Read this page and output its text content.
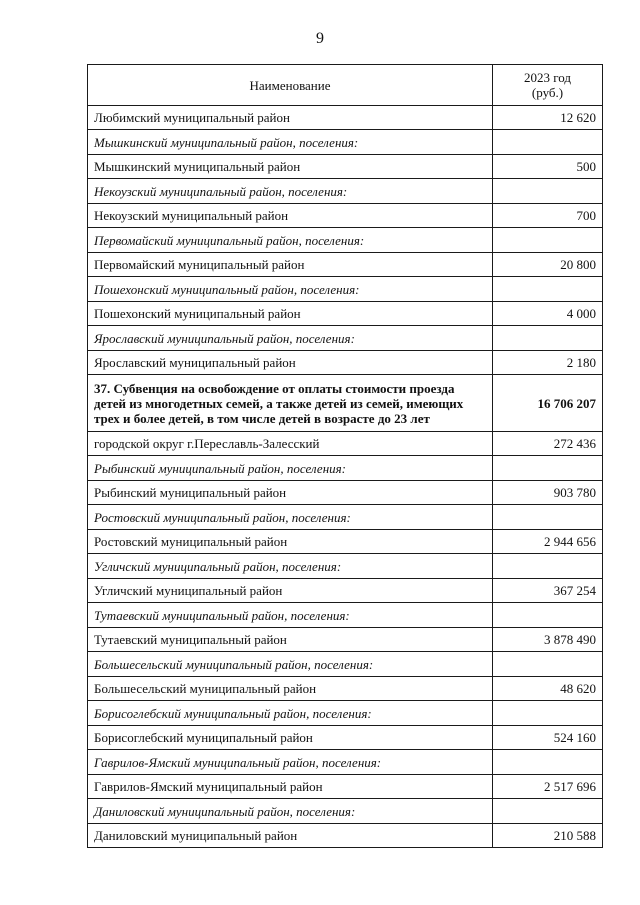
9
Наименование	2023 год
(руб.)
Любимский муниципальный район	12 620
Мышкинский муниципальный район, поселения:	
Мышкинский муниципальный район	500
Некоузский муниципальный район, поселения:	
Некоузский муниципальный район	700
Первомайский муниципальный район, поселения:	
Первомайский муниципальный район	20 800
Пошехонский муниципальный район, поселения:	
Пошехонский муниципальный район	4 000
Ярославский муниципальный район, поселения:	
Ярославский муниципальный район	2 180
37. Субвенция на освобождение от оплаты стоимости проезда детей из многодетных семей, а также детей из семей, имеющих трех и более детей, в том числе детей в возрасте до 23 лет	16 706 207
городской округ г.Переславль-Залесский	272 436
Рыбинский муниципальный район, поселения:	
Рыбинский муниципальный район	903 780
Ростовский муниципальный район, поселения:	
Ростовский муниципальный район	2 944 656
Угличский муниципальный район, поселения:	
Угличский муниципальный район	367 254
Тутаевский муниципальный район, поселения:	
Тутаевский муниципальный район	3 878 490
Большесельский муниципальный район, поселения:	
Большесельский муниципальный район	48 620
Борисоглебский муниципальный район, поселения:	
Борисоглебский муниципальный район	524 160
Гаврилов-Ямский муниципальный район, поселения:	
Гаврилов-Ямский муниципальный район	2 517 696
Даниловский муниципальный район, поселения:	
Даниловский муниципальный район	210 588
